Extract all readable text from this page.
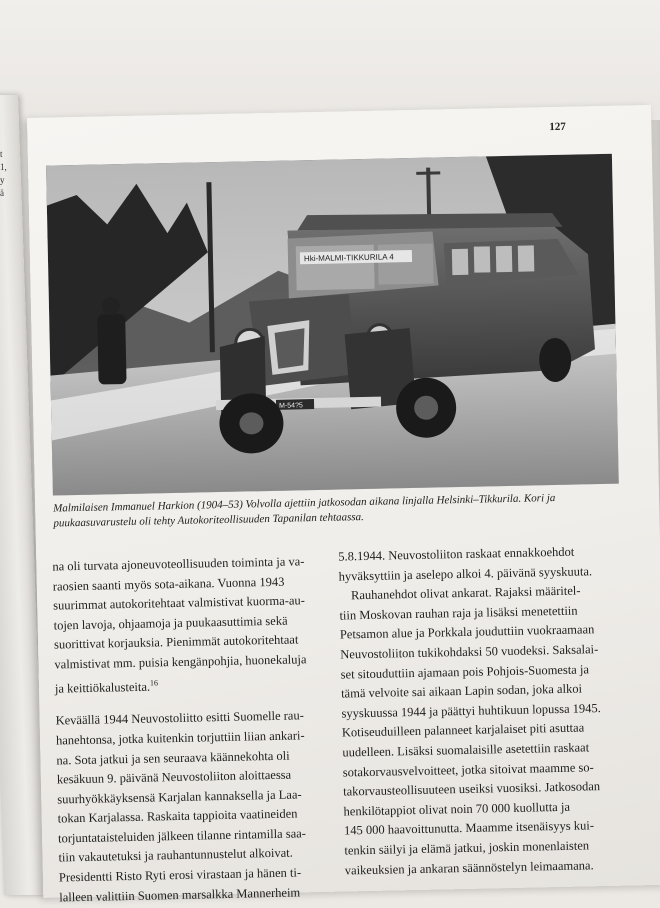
t
1,
y
ä
127
Hki-MALMI-TIKKURILA 4
M-54?5
Malmilaisen Immanuel Harkion (1904–53) Volvolla ajettiin jatkosodan aikana linjalla Helsinki–Tikkurila. Kori ja
puukaasuvarustelu oli tehty Autokoriteollisuuden Tapanilan tehtaassa.

na oli turvata ajoneuvoteollisuuden toiminta ja va-
raosien saanti myös sota-aikana. Vuonna 1943
suurimmat autokoritehtaat valmistivat kuorma-au-
tojen lavoja, ohjaamoja ja puukaasuttimia sekä
suorittivat korjauksia. Pienimmät autokoritehtaat
valmistivat mm. puisia kengänpohjia, huonekaluja
ja keittiökalusteita.$^{16}$

Keväällä 1944 Neuvostoliitto esitti Suomelle rau-
hanehtonsa, jotka kuitenkin torjuttiin liian ankari-
na. Sota jatkui ja sen seuraava käännekohta oli
kesäkuun 9. päivänä Neuvostoliiton aloittaessa
suurhyökkäyksensä Karjalan kannaksella ja Laa-
tokan Karjalassa. Raskaita tappioita vaatineiden
torjuntataisteluiden jälkeen tilanne rintamilla saa-
tiin vakautetuksi ja rauhantunnustelut alkoivat.
Presidentti Risto Ryti erosi virastaan ja hänen ti-
lalleen valittiin Suomen marsalkka Mannerheim

5.8.1944. Neuvostoliiton raskaat ennakkoehdot
hyväksyttiin ja aselepo alkoi 4. päivänä syyskuuta.

Rauhanehdot olivat ankarat. Rajaksi määritel-

tiin Moskovan rauhan raja ja lisäksi menetettiin
Petsamon alue ja Porkkala jouduttiin vuokraamaan
Neuvostoliiton tukikohdaksi 50 vuodeksi. Saksalai-
set sitouduttiin ajamaan pois Pohjois-Suomesta ja
tämä velvoite sai aikaan Lapin sodan, joka alkoi
syyskuussa 1944 ja päättyi huhtikuun lopussa 1945.
Kotiseuduilleen palanneet karjalaiset piti asuttaa
uudelleen. Lisäksi suomalaisille asetettiin raskaat
sotakorvausvelvoitteet, jotka sitoivat maamme so-
takorvausteollisuuteen useiksi vuosiksi. Jatkosodan
henkilötappiot olivat noin 70 000 kuollutta ja
145 000 haavoittunutta. Maamme itsenäisyys kui-
tenkin säilyi ja elämä jatkui, joskin monenlaisten
vaikeuksien ja ankaran säännöstelyn leimaamana.
